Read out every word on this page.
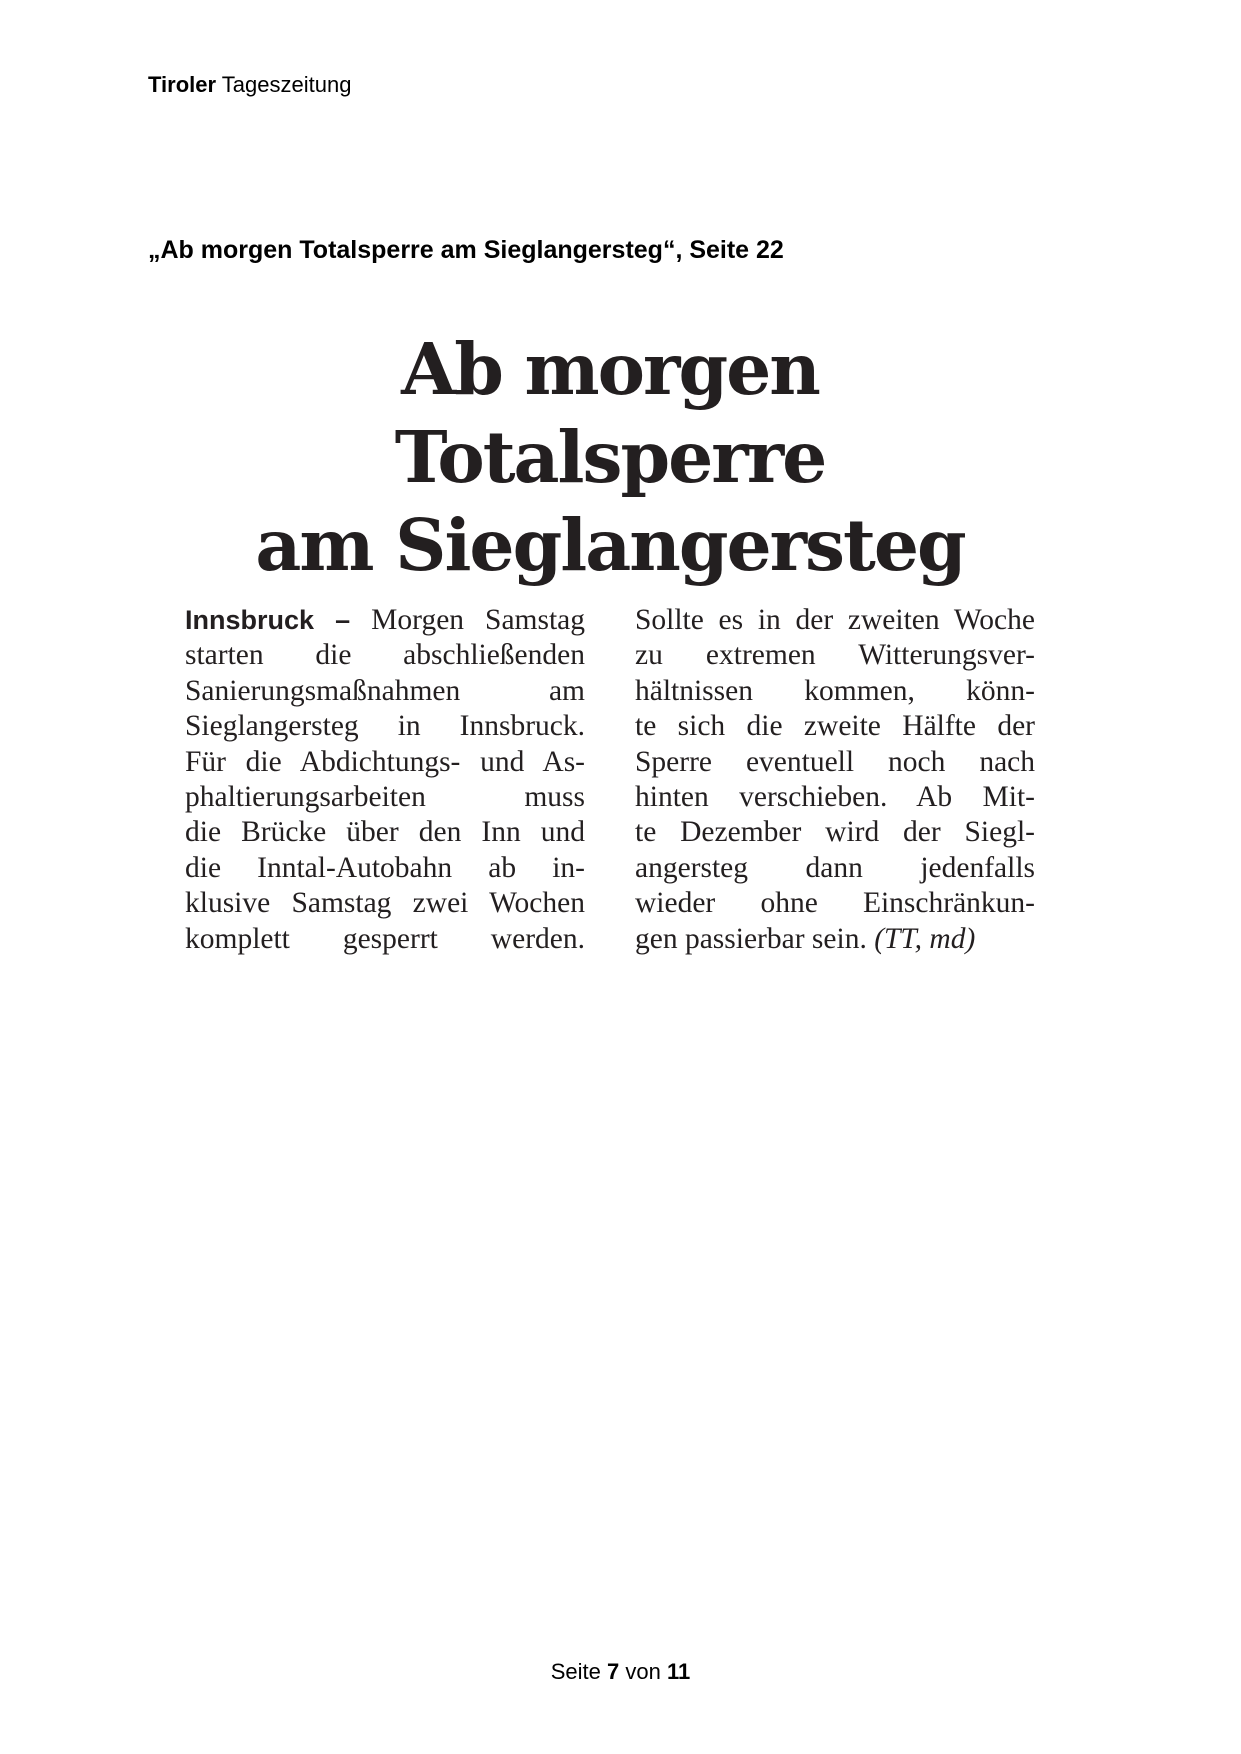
Tiroler Tageszeitung
„Ab morgen Totalsperre am Sieglangersteg“, Seite 22
Ab morgen Totalsperre
am Sieglangersteg
Innsbruck – Morgen Samstag
starten die abschließenden
Sanierungsmaßnahmen am
Sieglangersteg in Innsbruck.
Für die Abdichtungs- und As-
phaltierungsarbeiten muss
die Brücke über den Inn und
die Inntal-Autobahn ab in-
klusive Samstag zwei Wochen
komplett gesperrt werden.
Sollte es in der zweiten Woche
zu extremen Witterungsver-
hältnissen kommen, könn-
te sich die zweite Hälfte der
Sperre eventuell noch nach
hinten verschieben. Ab Mit-
te Dezember wird der Siegl-
angersteg dann jedenfalls
wieder ohne Einschränkun-
gen passierbar sein. (TT, md)
Seite 7 von 11
